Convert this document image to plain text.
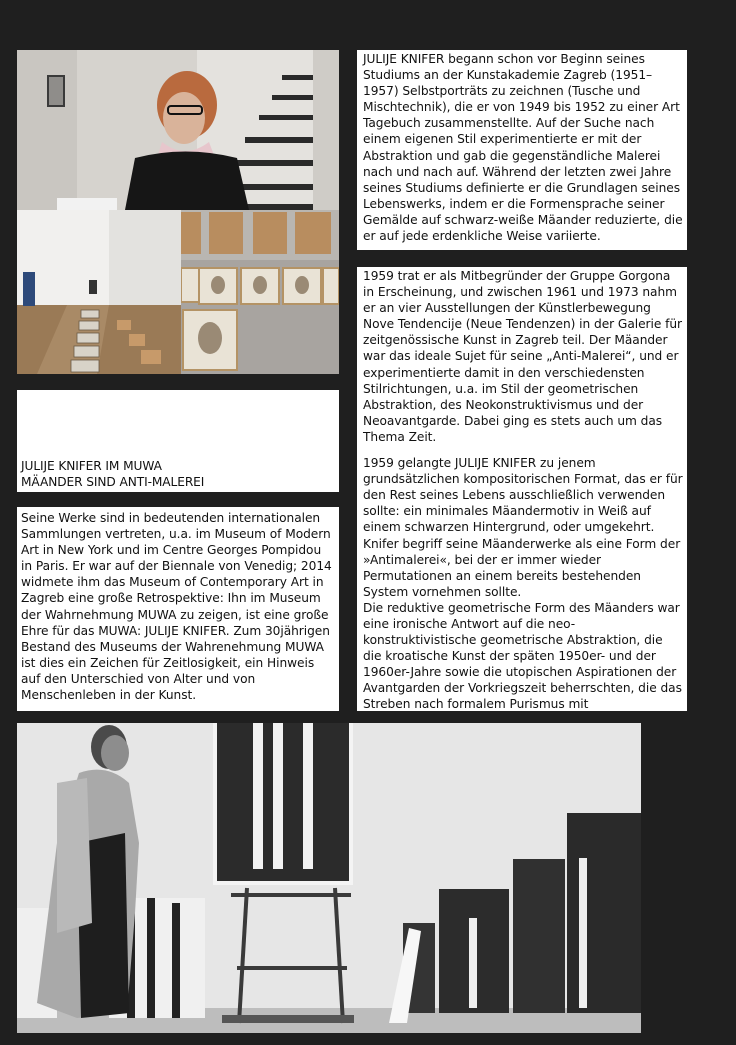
JULIJE KNIFER begann schon vor Beginn seines Studiums an der Kunstakademie Zagreb (1951–1957) Selbstporträts zu zeichnen (Tusche und Mischtechnik), die er von 1949 bis 1952 zu einer Art Tagebuch zusammenstellte. Auf der Suche nach einem eigenen Stil experimentierte er mit der Abstraktion und gab die gegenständliche Malerei nach und nach auf. Während der letzten zwei Jahre seines Studiums definierte er die Grundlagen seines Lebenswerks, indem er die Formensprache seiner Gemälde auf schwarz-weiße Mäander reduzierte, die er auf jede erdenkliche Weise variierte.

1959 trat er als Mitbegründer der Gruppe Gorgona in Erscheinung, und zwischen 1961 und 1973 nahm er an vier Ausstellungen der Künstlerbewegung Nove Tendencije (Neue Tendenzen) in der Galerie für zeitgenössische Kunst in Zagreb teil. Der Mäander war das ideale Sujet für seine „Anti-Malerei“, und er experimentierte damit in den verschiedensten Stilrichtungen, u.a. im Stil der geometrischen Abstraktion, des Neokonstruktivismus und der Neoavantgarde. Dabei ging es stets auch um das Thema Zeit.

1959 gelangte JULIJE KNIFER zu jenem grundsätzlichen kompositorischen Format, das er für den Rest seines Lebens ausschließlich verwenden sollte: ein minimales Mäandermotiv in Weiß auf einem schwarzen Hintergrund, oder umgekehrt. Knifer begriff seine Mäanderwerke als eine Form der »Antimalerei«, bei der er immer wieder Permutationen an einem bereits bestehenden System vornehmen sollte.

Die reduktive geometrische Form des Mäanders war eine ironische Antwort auf die neo-konstruktivistische geometrische Abstraktion, die die kroatische Kunst der späten 1950er- und der 1960er-Jahre sowie die utopischen Aspirationen der Avantgarden der Vorkriegszeit beherrschten, die das Streben nach formalem Purismus mit

JULIJE KNIFER IM MUWA
MÄANDER SIND ANTI-MALEREI

Seine Werke sind in bedeutenden internationalen Sammlungen vertreten, u.a. im Museum of Modern Art in New York und im Centre Georges Pompidou in Paris. Er war auf der Biennale von Venedig; 2014 widmete ihm das Museum of Contemporary Art in Zagreb eine große Retrospektive: Ihn im Museum der Wahrnehmung MUWA zu zeigen, ist eine große Ehre für das MUWA: JULIJE KNIFER. Zum 30jährigen Bestand des Museums der Wahrenehmung MUWA ist dies ein Zeichen für Zeitlosigkeit, ein Hinweis auf den Unterschied von Alter und von Menschenleben in der Kunst.
